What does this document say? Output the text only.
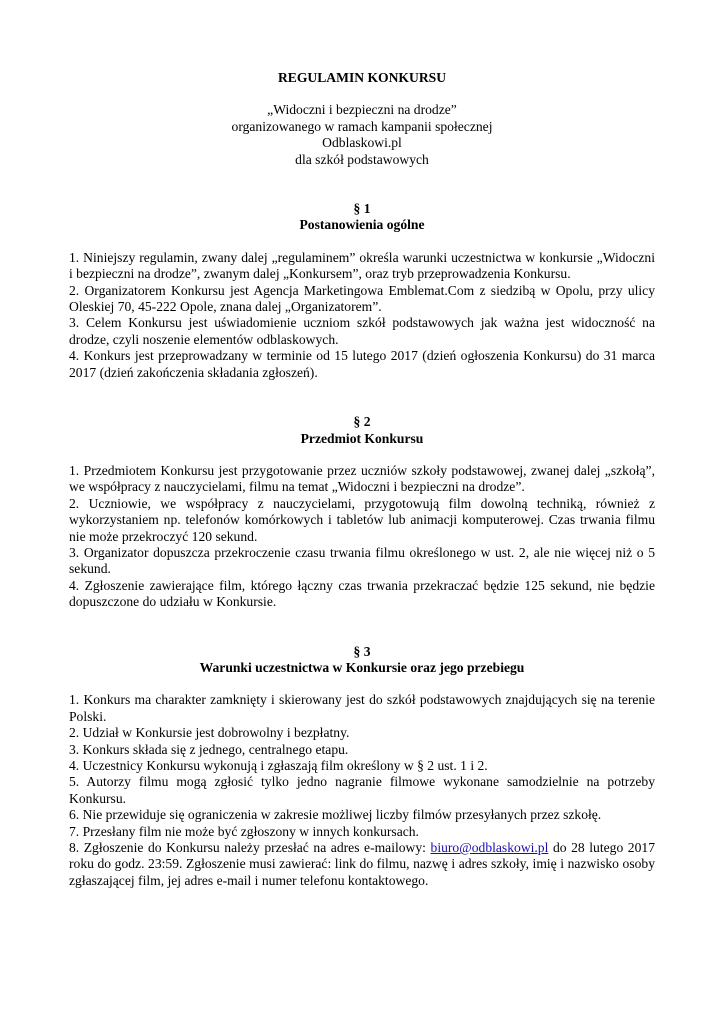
REGULAMIN KONKURSU
„Widoczni i bezpieczni na drodze”
organizowanego w ramach kampanii społecznej
Odblaskowi.pl
dla szkół podstawowych
§ 1
Postanowienia ogólne
1. Niniejszy regulamin, zwany dalej „regulaminem” określa warunki uczestnictwa w konkursie „Widoczni i bezpieczni na drodze”, zwanym dalej „Konkursem”, oraz tryb przeprowadzenia Konkursu.
2. Organizatorem Konkursu jest Agencja Marketingowa Emblemat.Com z siedzibą w Opolu, przy ulicy Oleskiej 70, 45-222 Opole, znana dalej „Organizatorem”.
3. Celem Konkursu jest uświadomienie uczniom szkół podstawowych jak ważna jest widoczność na drodze, czyli noszenie elementów odblaskowych.
4. Konkurs jest przeprowadzany w terminie od 15 lutego 2017 (dzień ogłoszenia Konkursu) do 31 marca 2017 (dzień zakończenia składania zgłoszeń).
§ 2
Przedmiot Konkursu
1. Przedmiotem Konkursu jest przygotowanie przez uczniów szkoły podstawowej, zwanej dalej „szkołą”, we współpracy z nauczycielami, filmu na temat „Widoczni i bezpieczni na drodze”.
2. Uczniowie, we współpracy z nauczycielami, przygotowują film dowolną techniką, również z wykorzystaniem np. telefonów komórkowych i tabletów lub animacji komputerowej. Czas trwania filmu nie może przekroczyć 120 sekund.
3. Organizator dopuszcza przekroczenie czasu trwania filmu określonego w ust. 2, ale nie więcej niż o 5 sekund.
4. Zgłoszenie zawierające film, którego łączny czas trwania przekraczać będzie 125 sekund, nie będzie dopuszczone do udziału w Konkursie.
§ 3
Warunki uczestnictwa w Konkursie oraz jego przebiegu
1. Konkurs ma charakter zamknięty i skierowany jest do szkół podstawowych znajdujących się na terenie Polski.
2. Udział w Konkursie jest dobrowolny i bezpłatny.
3. Konkurs składa się z jednego, centralnego etapu.
4. Uczestnicy Konkursu wykonują i zgłaszają film określony w § 2 ust. 1 i 2.
5. Autorzy filmu mogą zgłosić tylko jedno nagranie filmowe wykonane samodzielnie na potrzeby Konkursu.
6. Nie przewiduje się ograniczenia w zakresie możliwej liczby filmów przesyłanych przez szkołę.
7. Przesłany film nie może być zgłoszony w innych konkursach.
8. Zgłoszenie do Konkursu należy przesłać na adres e-mailowy: biuro@odblaskowi.pl do 28 lutego 2017 roku do godz. 23:59. Zgłoszenie musi zawierać: link do filmu, nazwę i adres szkoły, imię i nazwisko osoby zgłaszającej film, jej adres e-mail i numer telefonu kontaktowego.
